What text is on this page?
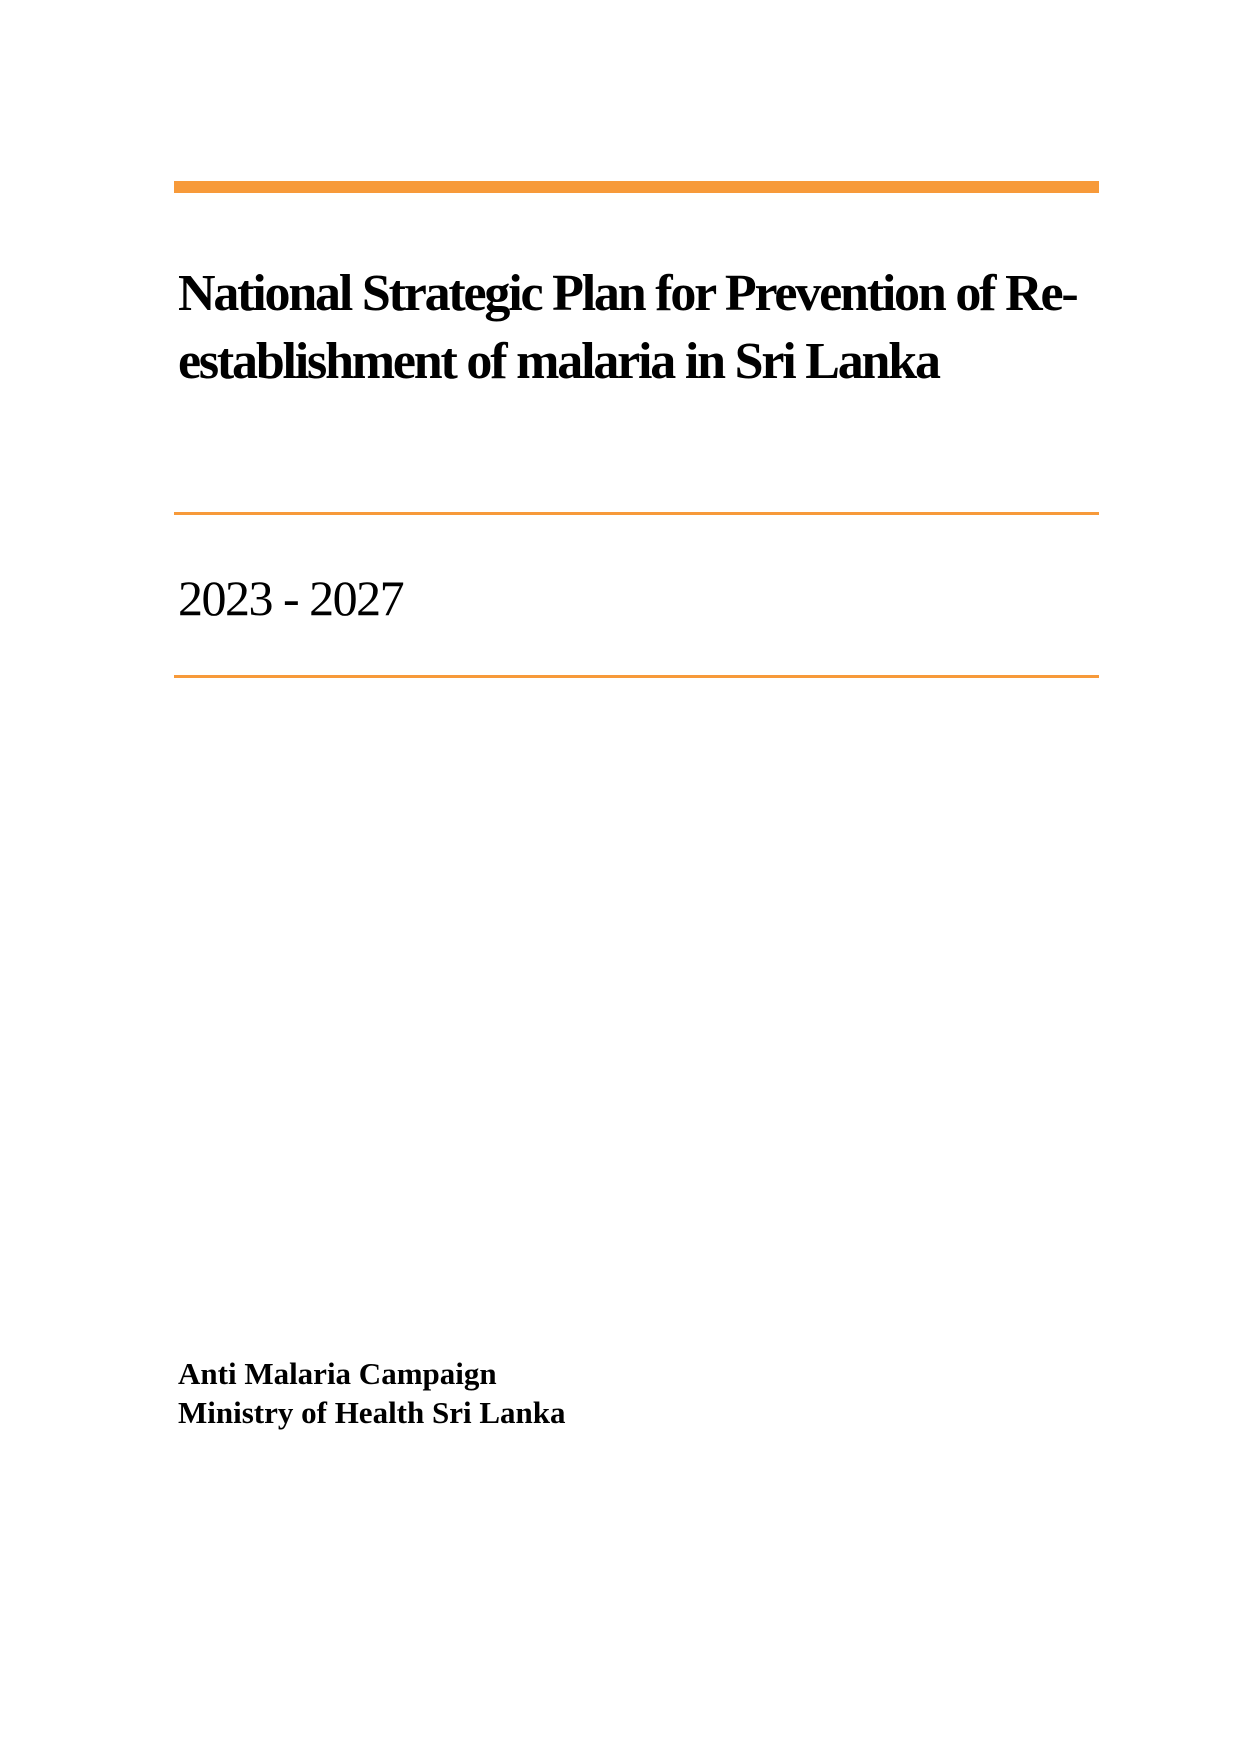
National Strategic Plan for Prevention of Re-establishment of malaria in Sri Lanka
2023 - 2027
Anti Malaria Campaign
Ministry of Health Sri Lanka
